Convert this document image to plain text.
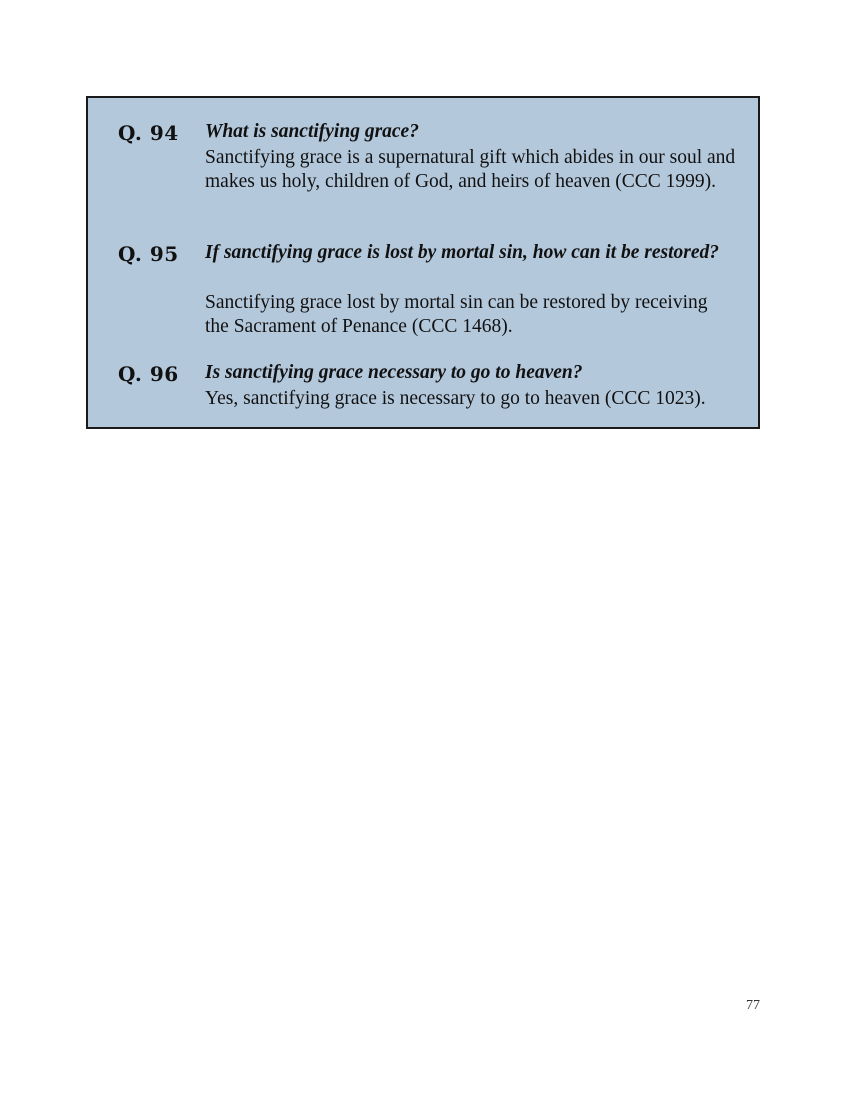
Q. 94 What is sanctifying grace?
Sanctifying grace is a supernatural gift which abides in our soul and makes us holy, children of God, and heirs of heaven (CCC 1999).
Q. 95 If sanctifying grace is lost by mortal sin, how can it be restored?
Sanctifying grace lost by mortal sin can be restored by receiving the Sacrament of Penance (CCC 1468).
Q. 96 Is sanctifying grace necessary to go to heaven?
Yes, sanctifying grace is necessary to go to heaven (CCC 1023).
77
